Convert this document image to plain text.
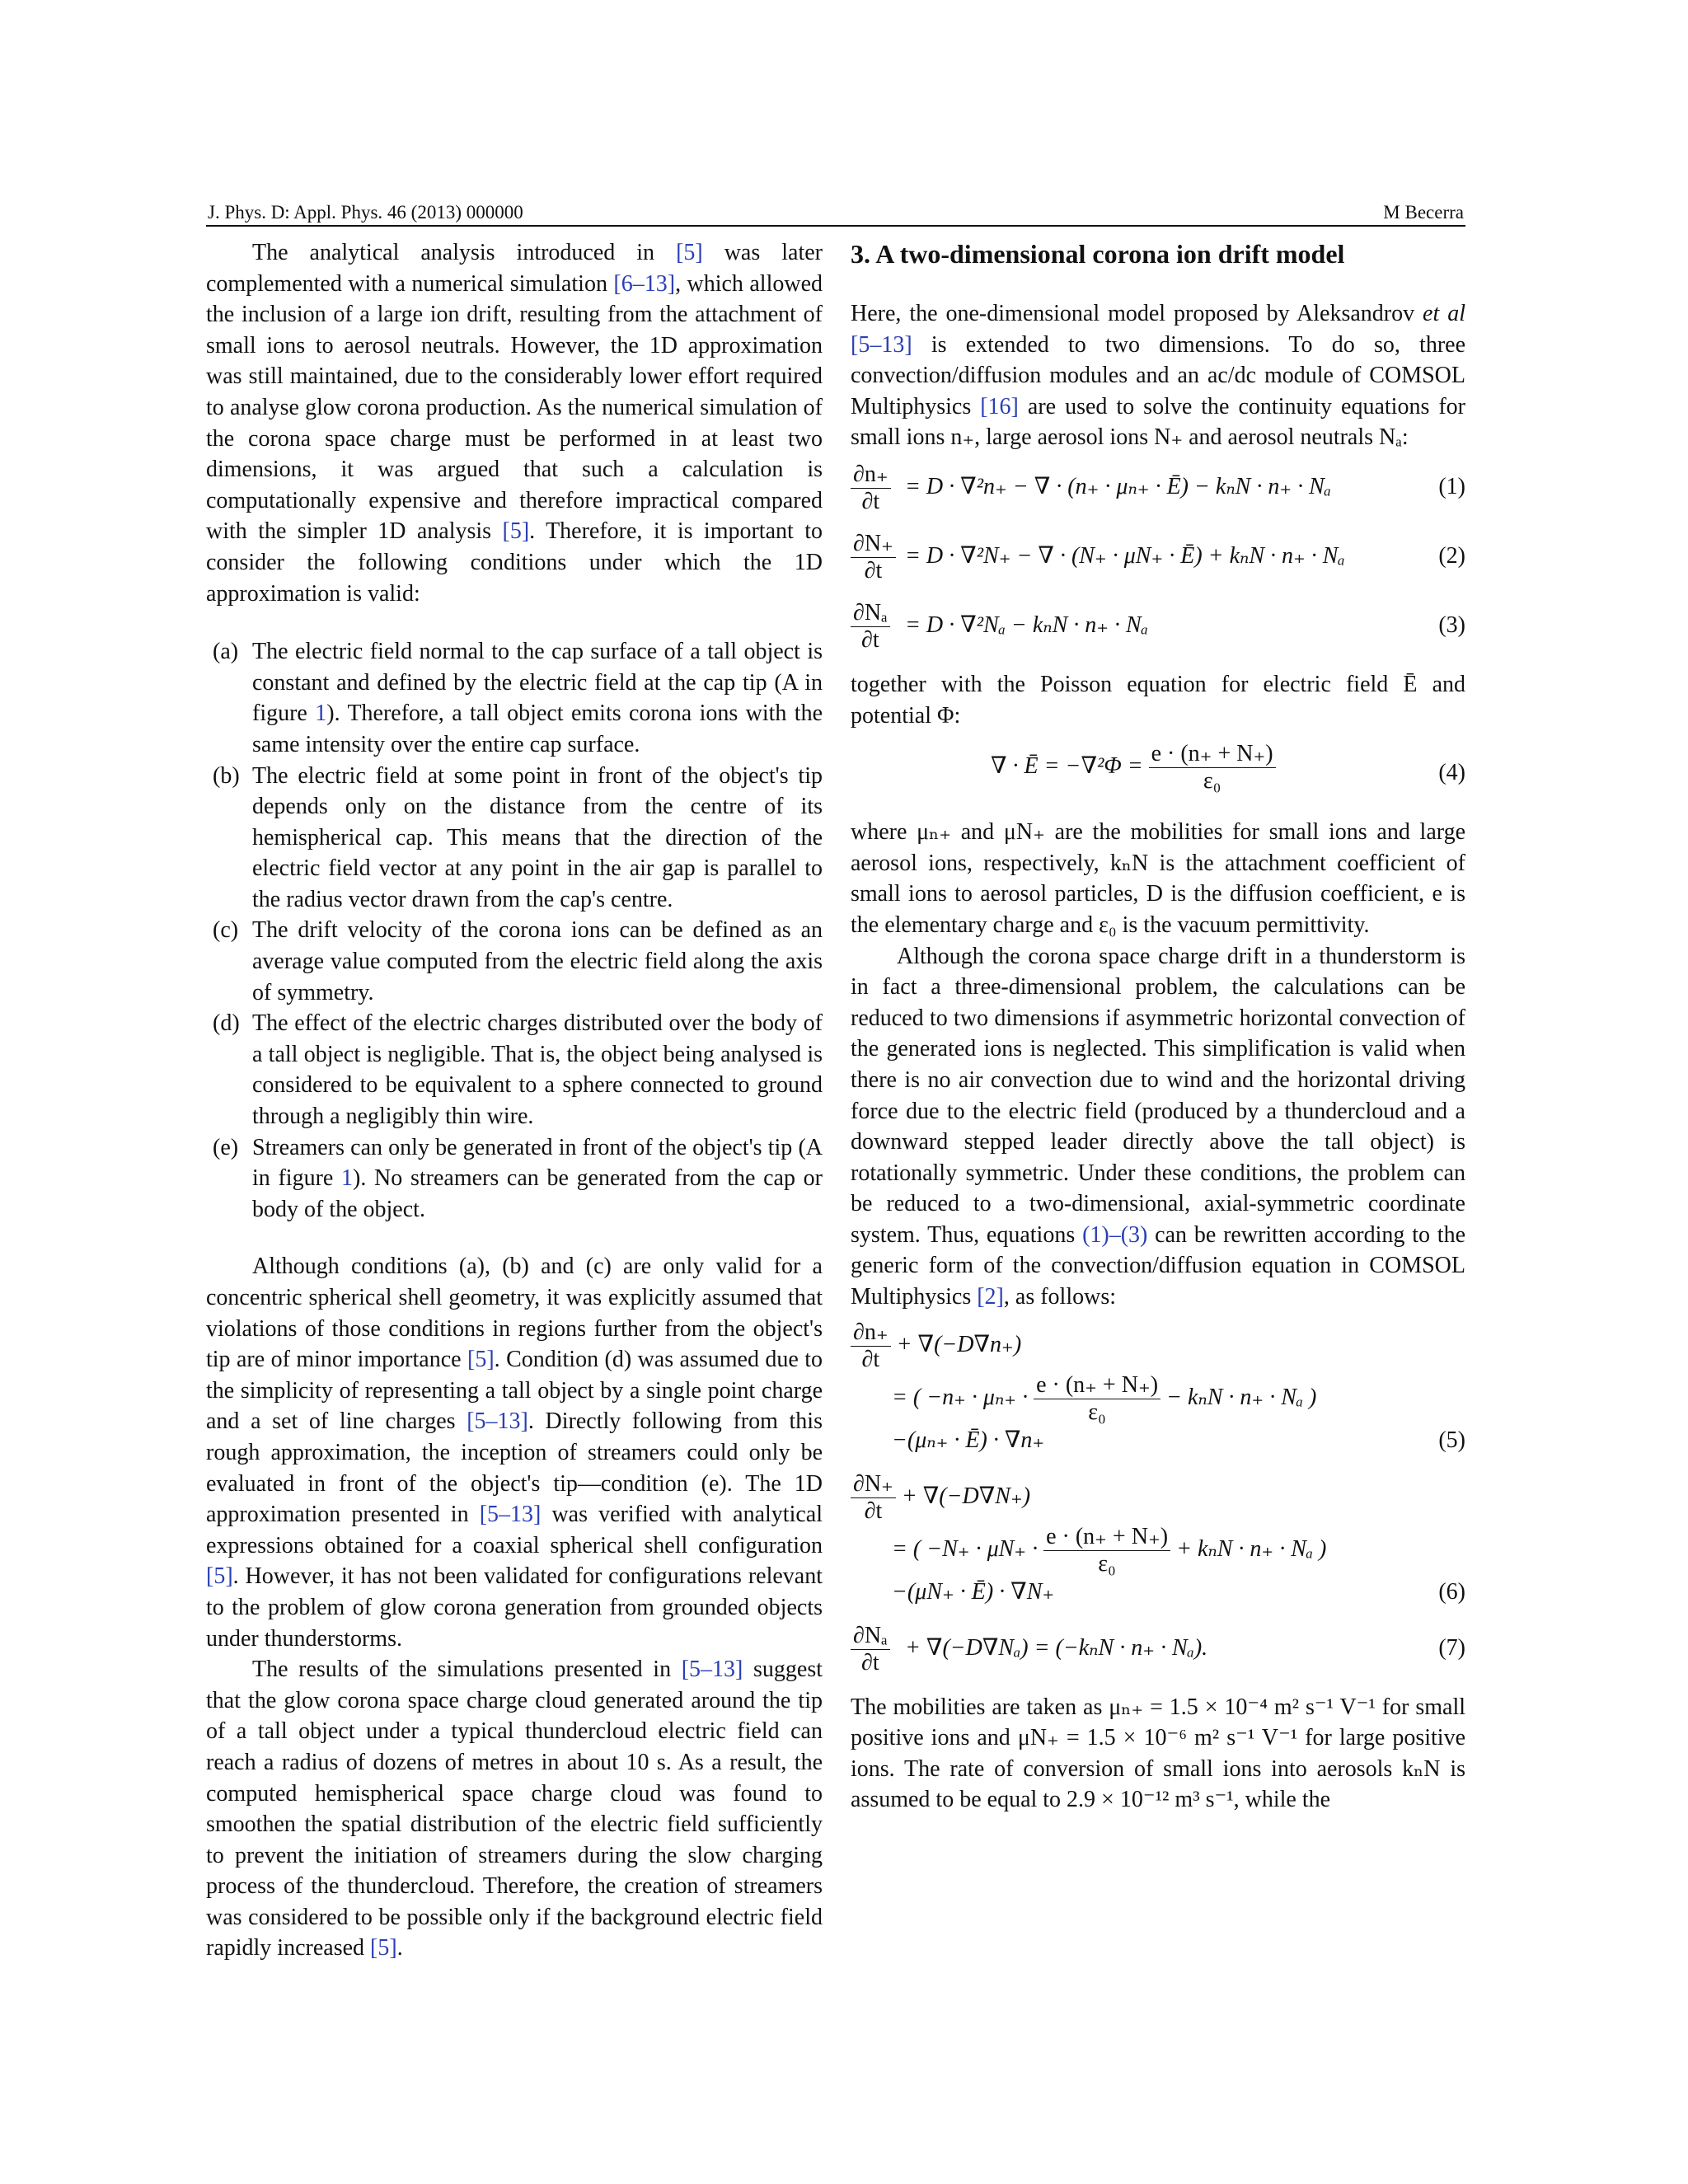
J. Phys. D: Appl. Phys. 46 (2013) 000000	M Becerra

The analytical analysis introduced in [5] was later complemented with a numerical simulation [6–13], which allowed the inclusion of a large ion drift, resulting from the attachment of small ions to aerosol neutrals. However, the 1D approximation was still maintained, due to the considerably lower effort required to analyse glow corona production. As the numerical simulation of the corona space charge must be performed in at least two dimensions, it was argued that such a calculation is computationally expensive and therefore impractical compared with the simpler 1D analysis [5]. Therefore, it is important to consider the following conditions under which the 1D approximation is valid:

(a) The electric field normal to the cap surface of a tall object is constant and defined by the electric field at the cap tip (A in figure 1). Therefore, a tall object emits corona ions with the same intensity over the entire cap surface.
(b) The electric field at some point in front of the object's tip depends only on the distance from the centre of its hemispherical cap. This means that the direction of the electric field vector at any point in the air gap is parallel to the radius vector drawn from the cap's centre.
(c) The drift velocity of the corona ions can be defined as an average value computed from the electric field along the axis of symmetry.
(d) The effect of the electric charges distributed over the body of a tall object is negligible. That is, the object being analysed is considered to be equivalent to a sphere connected to ground through a negligibly thin wire.
(e) Streamers can only be generated in front of the object's tip (A in figure 1). No streamers can be generated from the cap or body of the object.

Although conditions (a), (b) and (c) are only valid for a concentric spherical shell geometry, it was explicitly assumed that violations of those conditions in regions further from the object's tip are of minor importance [5]. Condition (d) was assumed due to the simplicity of representing a tall object by a single point charge and a set of line charges [5–13]. Directly following from this rough approximation, the inception of streamers could only be evaluated in front of the object's tip—condition (e). The 1D approximation presented in [5–13] was verified with analytical expressions obtained for a coaxial spherical shell configuration [5]. However, it has not been validated for configurations relevant to the problem of glow corona generation from grounded objects under thunderstorms.

The results of the simulations presented in [5–13] suggest that the glow corona space charge cloud generated around the tip of a tall object under a typical thundercloud electric field can reach a radius of dozens of metres in about 10 s. As a result, the computed hemispherical space charge cloud was found to smoothen the spatial distribution of the electric field sufficiently to prevent the initiation of streamers during the slow charging process of the thundercloud. Therefore, the creation of streamers was considered to be possible only if the background electric field rapidly increased [5].

3. A two-dimensional corona ion drift model

Here, the one-dimensional model proposed by Aleksandrov et al [5–13] is extended to two dimensions. To do so, three convection/diffusion modules and an ac/dc module of COMSOL Multiphysics [16] are used to solve the continuity equations for small ions n₊, large aerosol ions N₊ and aerosol neutrals Nₐ:

$\frac{\partial n_+}{\partial t} = D \cdot \nabla^2n_+$ − ∇ · (n₊ · μₙ₊ · Ē) − kₙN · n₊ · Nₐ	(1)
$\frac{\partial N_+}{\partial t} = D \cdot \nabla^2N_+$ − ∇ · (N₊ · μN₊ · Ē) + kₙN · n₊ · Nₐ	(2)
$\frac{\text{∂Nₐ}}{\partial t} = D \cdot \nabla^2N_a - k_nN \cdot n_+ \cdot N_a$	(3)

together with the Poisson equation for electric field Ē and potential Φ:

∇ · Ē = $-\nabla^2\Phi = \frac{e \cdot (n_+ + N_+)}{\text{ε₀}}$	(4)

where μₙ₊ and μN₊ are the mobilities for small ions and large aerosol ions, respectively, kₙN is the attachment coefficient of small ions to aerosol particles, D is the diffusion coefficient, e is the elementary charge and ε₀ is the vacuum permittivity.

Although the corona space charge drift in a thunderstorm is in fact a three-dimensional problem, the calculations can be reduced to two dimensions if asymmetric horizontal convection of the generated ions is neglected. This simplification is valid when there is no air convection due to wind and the horizontal driving force due to the electric field (produced by a thundercloud and a downward stepped leader directly above the tall object) is rotationally symmetric. Under these conditions, the problem can be reduced to a two-dimensional, axial-symmetric coordinate system. Thus, equations (1)–(3) can be rewritten according to the generic form of the convection/diffusion equation in COMSOL Multiphysics [2], as follows:

$\frac{\partial n_+}{\partial t} + \nabla(-D\nabla n_+)$
= ( $-n_+ \cdot \mu_{n+} \cdot \frac{e \cdot (n_+ + N_+)}{\text{ε₀}} - k_nN \cdot n_+ \cdot N_a$ )
−(μₙ₊ · Ē) · ∇n₊	(5)
$\frac{\partial N_+}{\partial t} + \nabla(-D\nabla N_+)$
= ( $-N_+ \cdot \mu N_+ \cdot \frac{e \cdot (n_+ + N_+)}{\text{ε₀}} + k_nN \cdot n_+ \cdot N_a$ )
−(μN₊ · Ē) · ∇N₊	(6)
$\frac{\text{∂Nₐ}}{\partial t} + \nabla(-D\nabla N_a) = (-k_nN \cdot n_+ \cdot N_a)$.	(7)

The mobilities are taken as μₙ₊ = 1.5 × 10⁻⁴ m² s⁻¹ V⁻¹ for small positive ions and μN₊ = 1.5 × 10⁻⁶ m² s⁻¹ V⁻¹ for large positive ions. The rate of conversion of small ions into aerosols kₙN is assumed to be equal to 2.9 × 10⁻¹² m³ s⁻¹, while the
